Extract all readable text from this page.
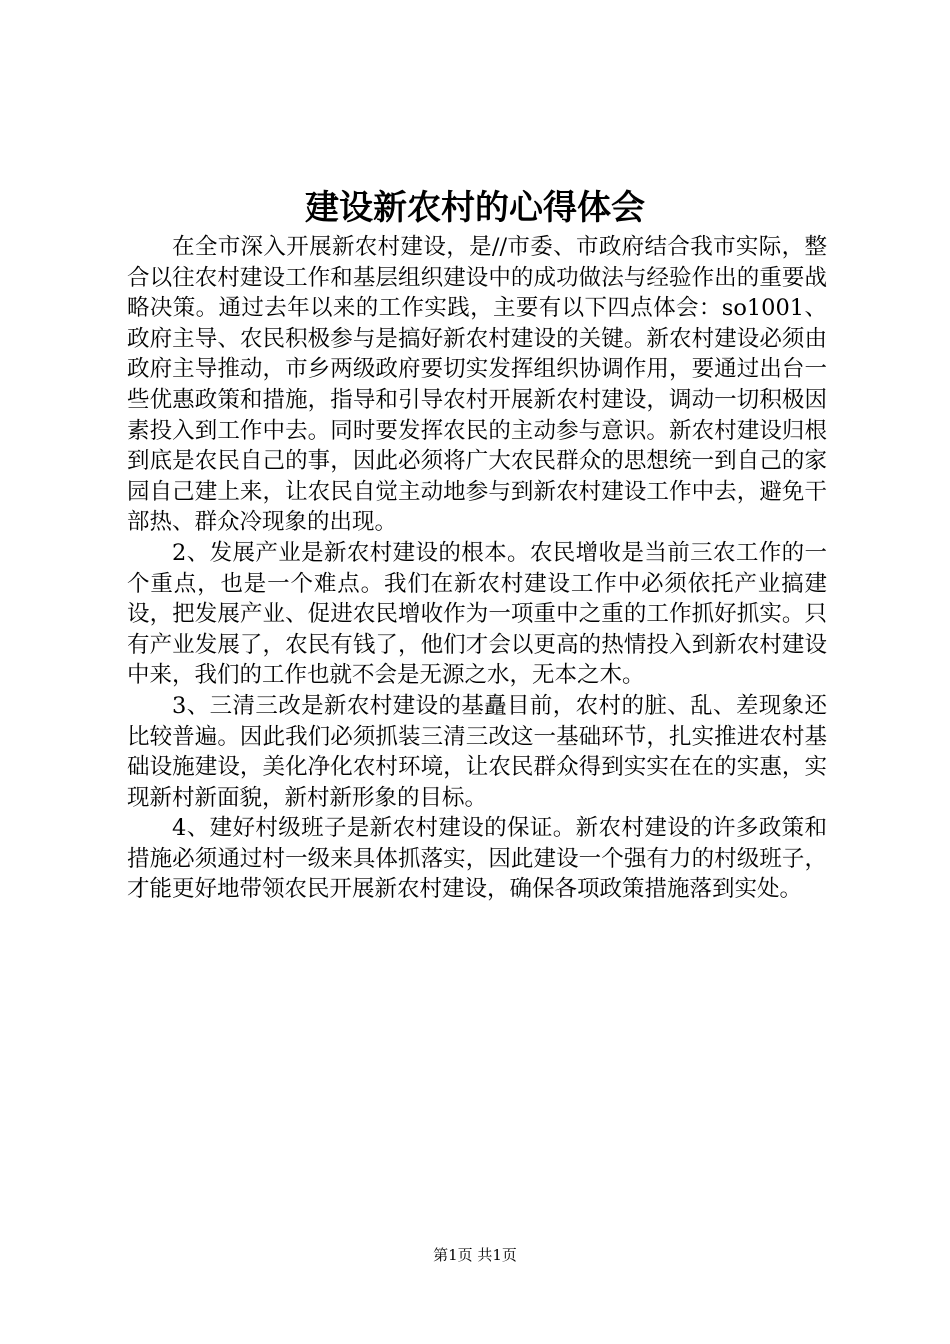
建设新农村的心得体会

在全市深入开展新农村建设，是//市委、市政府结合我市实际，整合以往农村建设工作和基层组织建设中的成功做法与经验作出的重要战略决策。通过去年以来的工作实践，主要有以下四点体会：so1001、政府主导、农民积极参与是搞好新农村建设的关键。新农村建设必须由政府主导推动，市乡两级政府要切实发挥组织协调作用，要通过出台一些优惠政策和措施，指导和引导农村开展新农村建设，调动一切积极因素投入到工作中去。同时要发挥农民的主动参与意识。新农村建设归根到底是农民自己的事，因此必须将广大农民群众的思想统一到自己的家园自己建上来，让农民自觉主动地参与到新农村建设工作中去，避免干部热、群众冷现象的出现。

2、发展产业是新农村建设的根本。农民增收是当前三农工作的一个重点，也是一个难点。我们在新农村建设工作中必须依托产业搞建设，把发展产业、促进农民增收作为一项重中之重的工作抓好抓实。只有产业发展了，农民有钱了，他们才会以更高的热情投入到新农村建设中来，我们的工作也就不会是无源之水，无本之木。

3、三清三改是新农村建设的基矗目前，农村的脏、乱、差现象还比较普遍。因此我们必须抓装三清三改这一基础环节，扎实推进农村基础设施建设，美化净化农村环境，让农民群众得到实实在在的实惠，实现新村新面貌，新村新形象的目标。

4、建好村级班子是新农村建设的保证。新农村建设的许多政策和措施必须通过村一级来具体抓落实，因此建设一个强有力的村级班子，才能更好地带领农民开展新农村建设，确保各项政策措施落到实处。

第1页 共1页
